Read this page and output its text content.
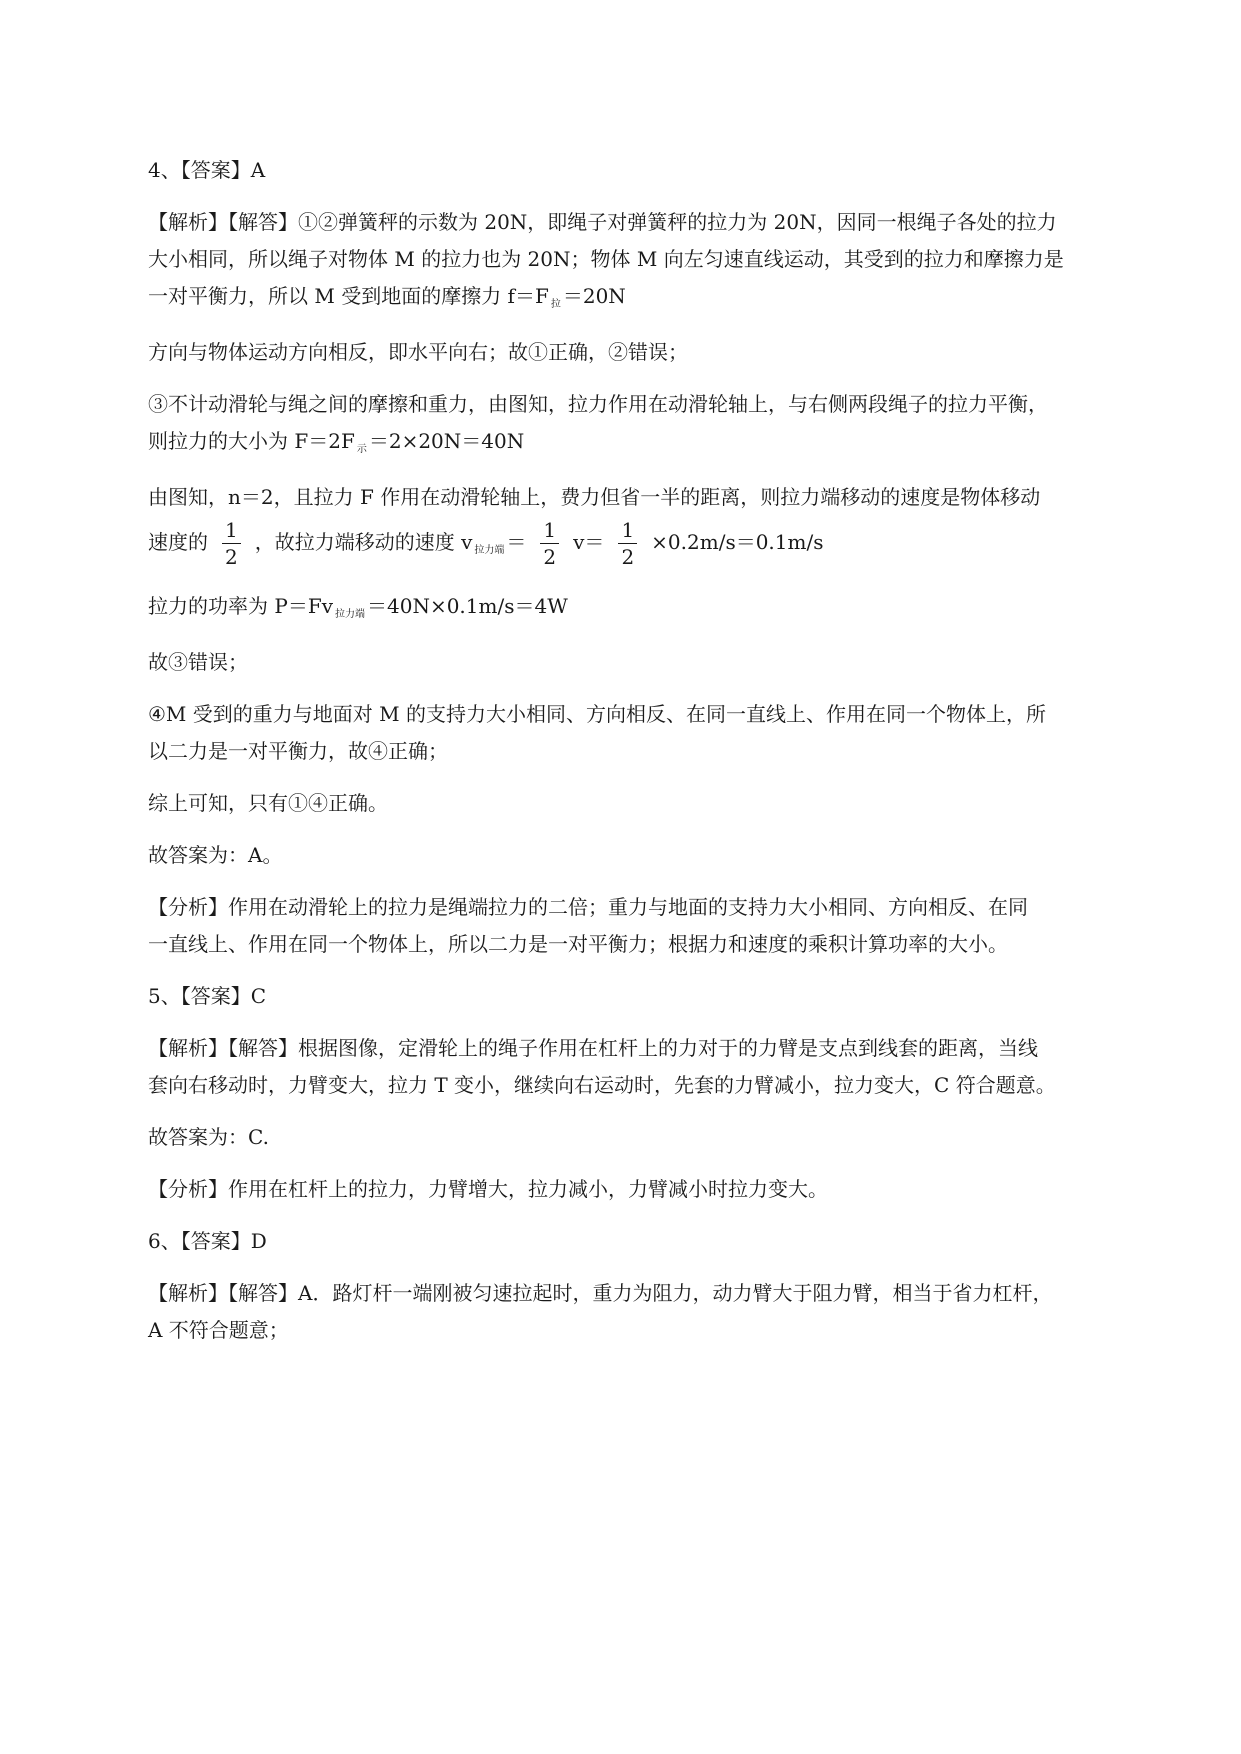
4、【答案】A

【解析】【解答】①②弹簧秤的示数为 20N，即绳子对弹簧秤的拉力为 20N，因同一根绳子各处的拉力
大小相同，所以绳子对物体 M 的拉力也为 20N；物体 M 向左匀速直线运动，其受到的拉力和摩擦力是
一对平衡力，所以 M 受到地面的摩擦力 f＝F $_拉$ ＝20N

方向与物体运动方向相反，即水平向右；故①正确，②错误；

③不计动滑轮与绳之间的摩擦和重力，由图知，拉力作用在动滑轮轴上，与右侧两段绳子的拉力平衡，
则拉力的大小为 F＝2F $_示$ ＝2×20N＝40N

由图知，n＝2，且拉力 F 作用在动滑轮轴上，费力但省一半的距离，则拉力端移动的速度是物体移动
速度的 $\frac{1}{2}$ ，故拉力端移动的速度 v $_{拉力端} = \frac{1}{2} v= \frac{1}{2} \times 0.2m/s=0.1m/s$

拉力的功率为 P＝Fv $_{拉力端}$ ＝40N×0.1m/s＝4W

故③错误；

④M 受到的重力与地面对 M 的支持力大小相同、方向相反、在同一直线上、作用在同一个物体上，所
以二力是一对平衡力，故④正确；

综上可知，只有①④正确。

故答案为：A。

【分析】作用在动滑轮上的拉力是绳端拉力的二倍；重力与地面的支持力大小相同、方向相反、在同
一直线上、作用在同一个物体上，所以二力是一对平衡力；根据力和速度的乘积计算功率的大小。

5、【答案】C

【解析】【解答】根据图像，定滑轮上的绳子作用在杠杆上的力对于的力臂是支点到线套的距离，当线
套向右移动时，力臂变大，拉力 T 变小，继续向右运动时，先套的力臂减小，拉力变大，C 符合题意。

故答案为：C.

【分析】作用在杠杆上的拉力，力臂增大，拉力减小，力臂减小时拉力变大。

6、【答案】D

【解析】【解答】A．路灯杆一端刚被匀速拉起时，重力为阻力，动力臂大于阻力臂，相当于省力杠杆，
A 不符合题意；
